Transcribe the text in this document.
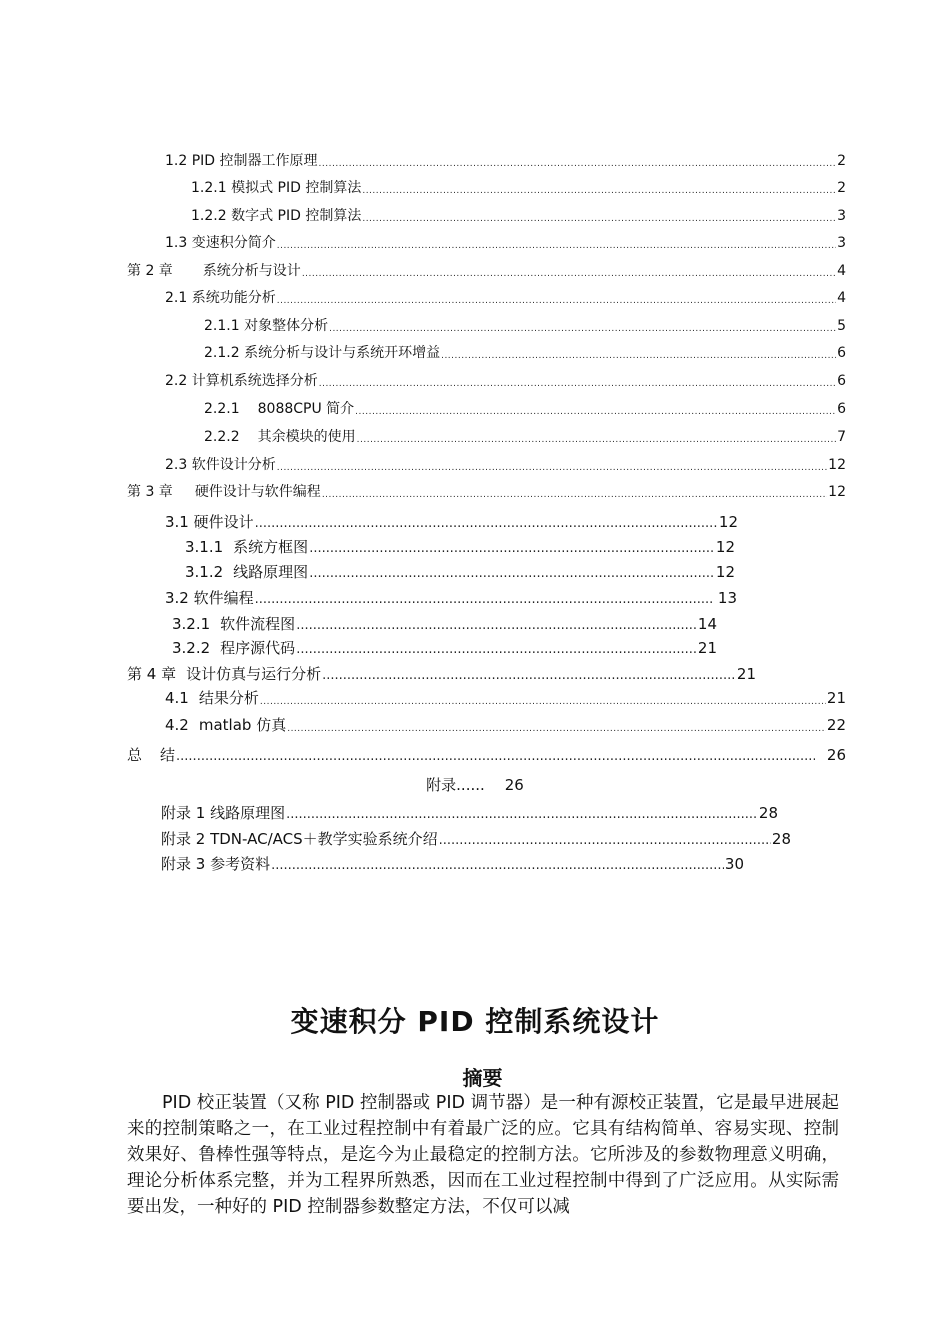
1.2 PID 控制器工作原理 .....	2
1.2.1 模拟式 PID 控制算法 .....	2
1.2.2 数字式 PID 控制算法 .....	3
1.3 变速积分简介 .....	3
第 2 章 系统分析与设计 .....	4
2.1 系统功能分析 .....	4
2.1.1 对象整体分析 .....	5
2.1.2 系统分析与设计与系统开环增益 .....	6
2.2 计算机系统选择分析 .....	6
2.2.1 8088CPU 简介 .....	6
2.2.2 其余模块的使用 .....	7
2.3 软件设计分析 .....	12
第 3 章 硬件设计与软件编程 .....	12
3.1 硬件设计 .....	12
3.1.1 系统方框图 .....	12
3.1.2 线路原理图 .....	12
3.2 软件编程 .....	13
3.2.1 软件流程图 .....	14
3.2.2 程序源代码 .....	21
第 4 章 设计仿真与运行分析 .....	21
4.1 结果分析 .....	21
4.2 matlab 仿真 .....	22
总 结 .....	26
附录...... 26
附录 1 线路原理图 .....	28
附录 2 TDN-AC/ACS＋教学实验系统介绍 .....	28
附录 3 参考资料 .....	30
变速积分 PID 控制系统设计
摘要
PID 校正装置（又称 PID 控制器或 PID 调节器）是一种有源校正装置，它是最早进展起来的控制策略之一，在工业过程控制中有着最广泛的应。它具有结构简单、容易实现、控制效果好、鲁棒性强等特点，是迄今为止最稳定的控制方法。它所涉及的参数物理意义明确，理论分析体系完整，并为工程界所熟悉，因而在工业过程控制中得到了广泛应用。从实际需要出发，一种好的 PID 控制器参数整定方法，不仅可以减
